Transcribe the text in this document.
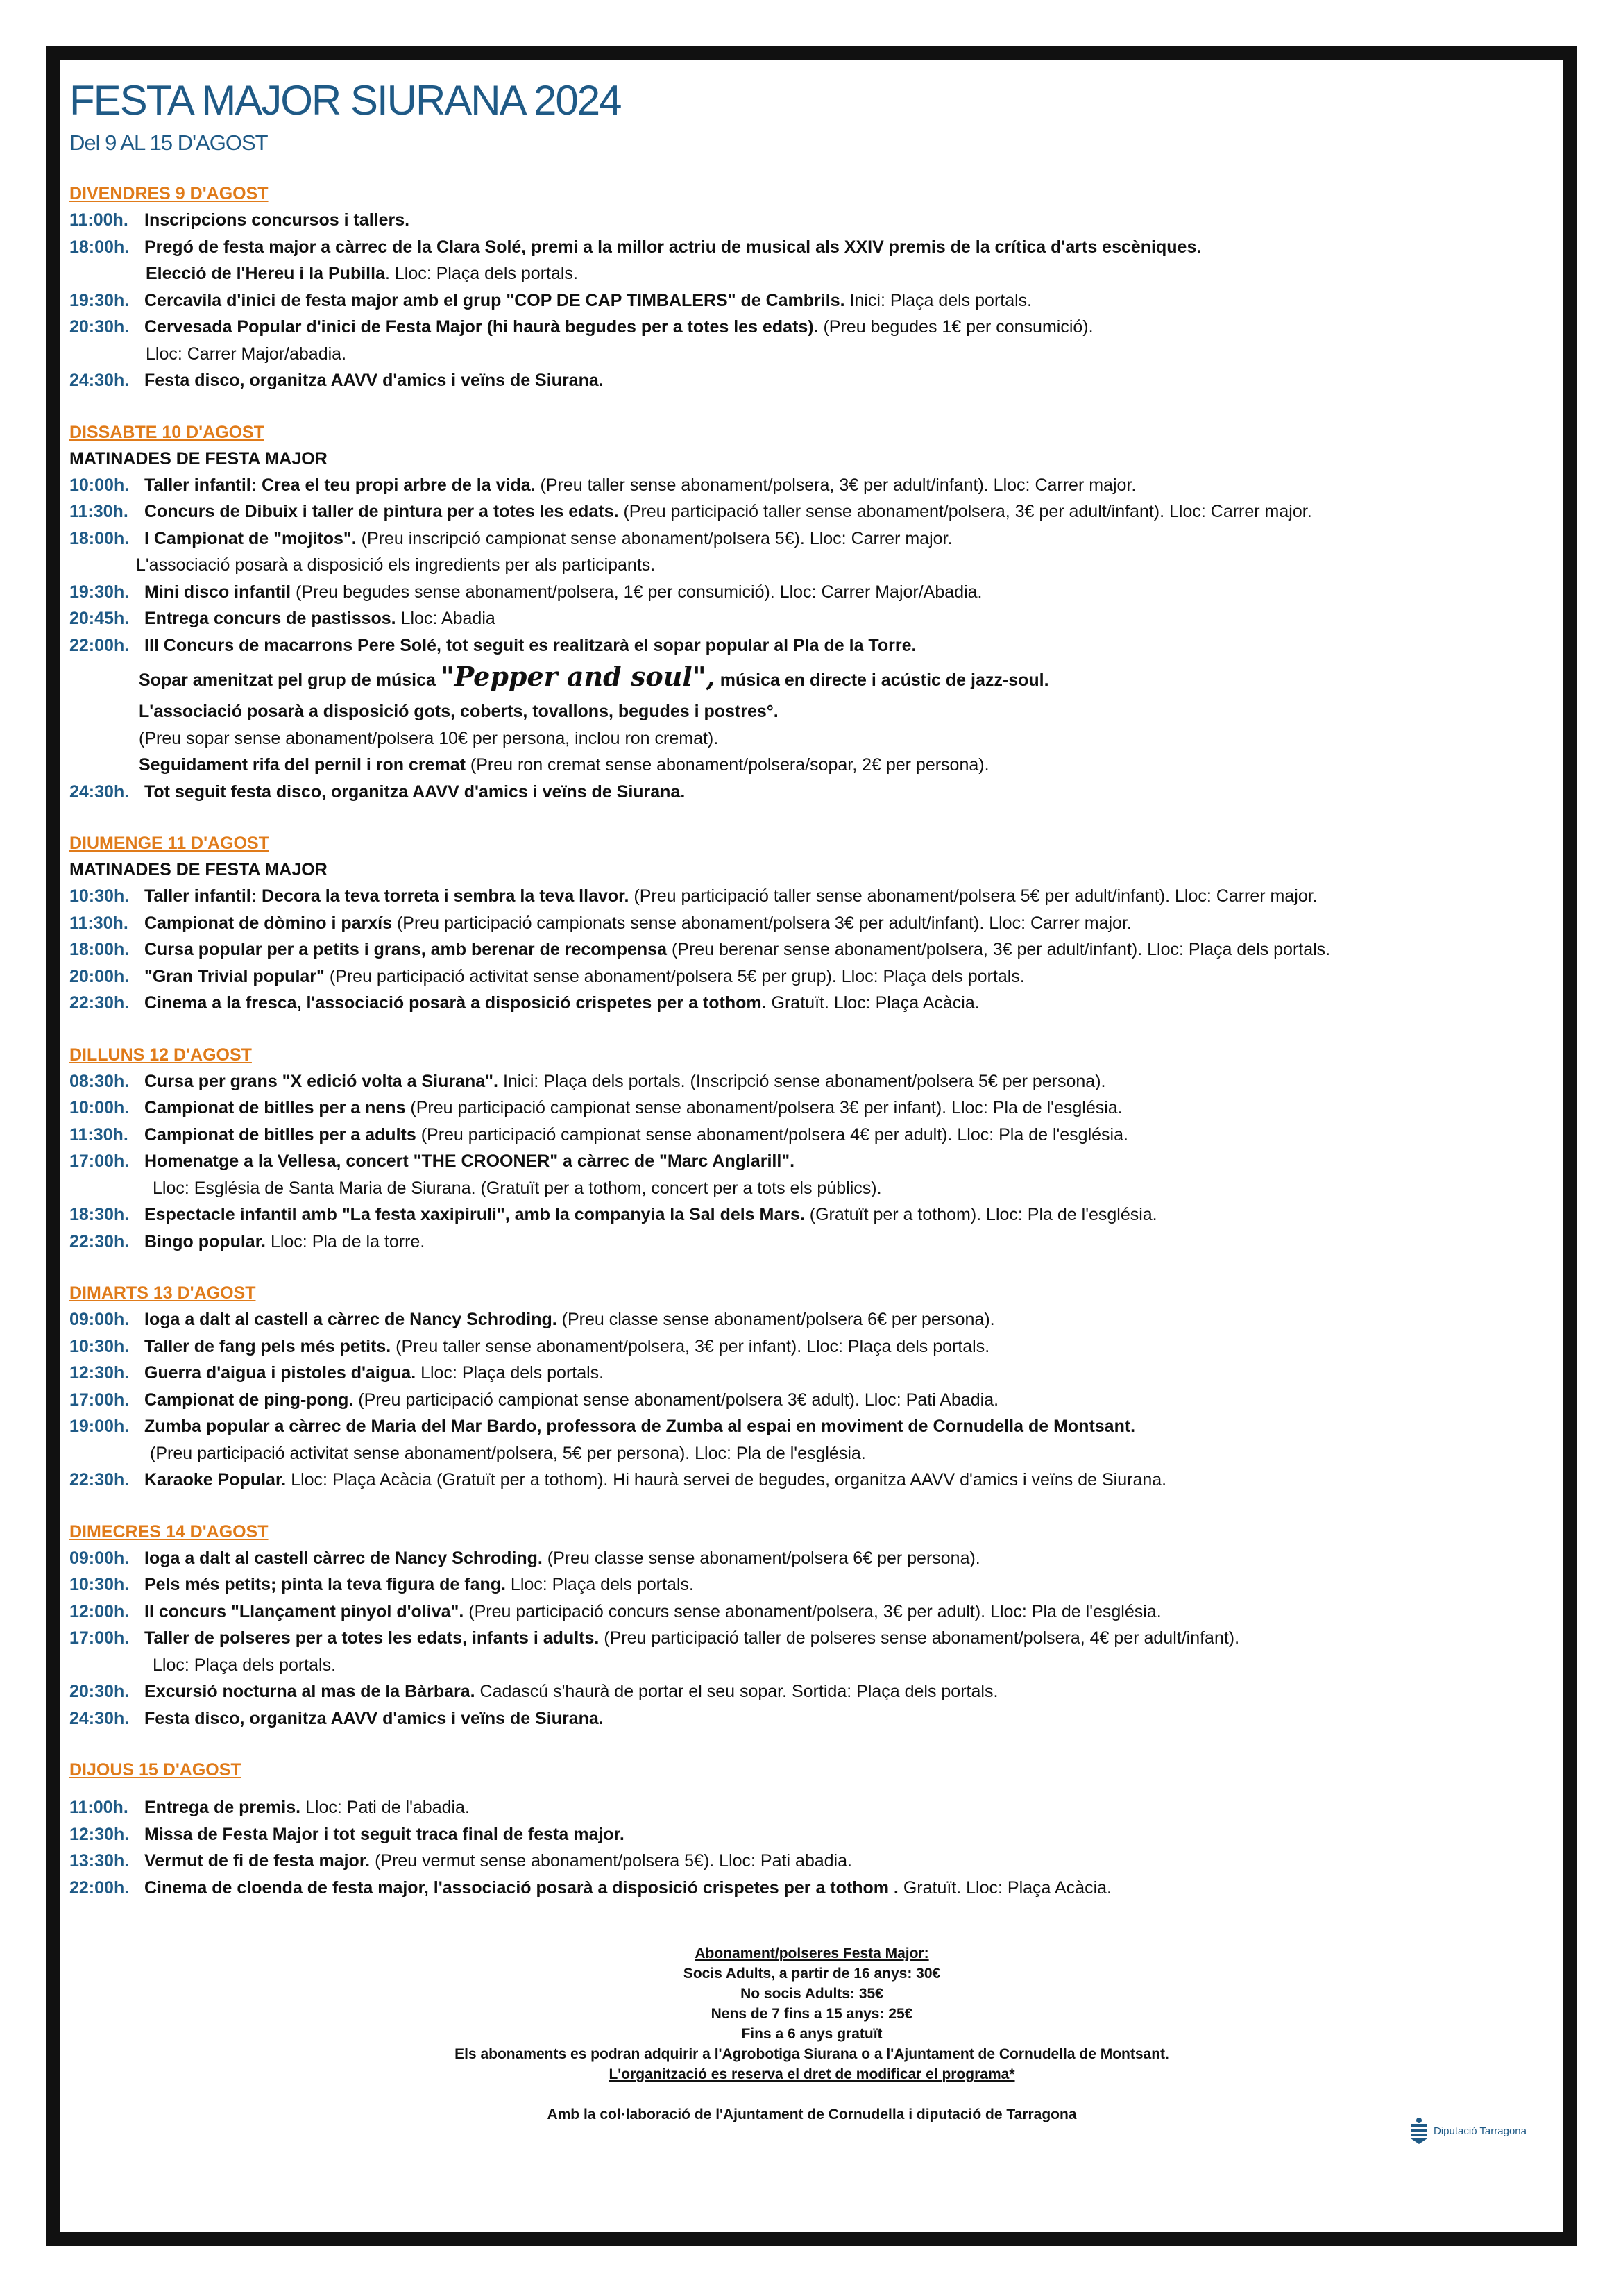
FESTA MAJOR SIURANA 2024
Del 9 AL 15 D'AGOST
DIVENDRES 9 D'AGOST
11:00h. Inscripcions concursos i tallers.
18:00h. Pregó de festa major a càrrec de la Clara Solé, premi a la millor actriu de musical als XXIV premis de la crítica d'arts escèniques.
Elecció de l'Hereu i la Pubilla. Lloc: Plaça dels portals.
19:30h. Cercavila d'inici de festa major amb el grup "COP DE CAP TIMBALERS" de Cambrils. Inici: Plaça dels portals.
20:30h. Cervesada Popular d'inici de Festa Major (hi haurà begudes per a totes les edats). (Preu begudes 1€ per consumició).
Lloc: Carrer Major/abadia.
24:30h. Festa disco, organitza AAVV d'amics i veïns de Siurana.
DISSABTE 10 D'AGOST
MATINADES DE FESTA MAJOR
10:00h. Taller infantil: Crea el teu propi arbre de la vida. (Preu taller sense abonament/polsera, 3€ per adult/infant). Lloc: Carrer major.
11:30h. Concurs de Dibuix i taller de pintura per a totes les edats. (Preu participació taller sense abonament/polsera, 3€ per adult/infant). Lloc: Carrer major.
18:00h. I Campionat de "mojitos". (Preu inscripció campionat sense abonament/polsera 5€). Lloc: Carrer major.
L'associació posarà a disposició els ingredients per als participants.
19:30h. Mini disco infantil (Preu begudes sense abonament/polsera, 1€ per consumició). Lloc: Carrer Major/Abadia.
20:45h. Entrega concurs de pastissos. Lloc: Abadia
22:00h. III Concurs de macarrons Pere Solé, tot seguit es realitzarà el sopar popular al Pla de la Torre.
Sopar amenitzat pel grup de música "Pepper and soul", música en directe i acústic de jazz-soul.
L'associació posarà a disposició gots, coberts, tovallons, begudes i postres°.
(Preu sopar sense abonament/polsera 10€ per persona, inclou ron cremat).
Seguidament rifa del pernil i ron cremat (Preu ron cremat sense abonament/polsera/sopar, 2€ per persona).
24:30h. Tot seguit festa disco, organitza AAVV d'amics i veïns de Siurana.
DIUMENGE 11 D'AGOST
MATINADES DE FESTA MAJOR
10:30h. Taller infantil: Decora la teva torreta i sembra la teva llavor. (Preu participació taller sense abonament/polsera 5€ per adult/infant). Lloc: Carrer major.
11:30h. Campionat de dòmino i parxís (Preu participació campionats sense abonament/polsera 3€ per adult/infant). Lloc: Carrer major.
18:00h. Cursa popular per a petits i grans, amb berenar de recompensa (Preu berenar sense abonament/polsera, 3€ per adult/infant). Lloc: Plaça dels portals.
20:00h. "Gran Trivial popular" (Preu participació activitat sense abonament/polsera 5€ per grup). Lloc: Plaça dels portals.
22:30h. Cinema a la fresca, l'associació posarà a disposició crispetes per a tothom. Gratuït. Lloc: Plaça Acàcia.
DILLUNS 12 D'AGOST
08:30h. Cursa per grans "X edició volta a Siurana". Inici: Plaça dels portals. (Inscripció sense abonament/polsera 5€ per persona).
10:00h. Campionat de bitlles per a nens (Preu participació campionat sense abonament/polsera 3€ per infant). Lloc: Pla de l'església.
11:30h. Campionat de bitlles per a adults (Preu participació campionat sense abonament/polsera 4€ per adult). Lloc: Pla de l'església.
17:00h. Homenatge a la Vellesa, concert "THE CROONER" a càrrec de "Marc Anglarill".
Lloc: Església de Santa Maria de Siurana. (Gratuït per a tothom, concert per a tots els públics).
18:30h. Espectacle infantil amb "La festa xaxipiruli", amb la companyia la Sal dels Mars. (Gratuït per a tothom). Lloc: Pla de l'església.
22:30h. Bingo popular. Lloc: Pla de la torre.
DIMARTS 13 D'AGOST
09:00h. Ioga a dalt al castell a càrrec de Nancy Schroding. (Preu classe sense abonament/polsera 6€ per persona).
10:30h. Taller de fang pels més petits. (Preu taller sense abonament/polsera, 3€ per infant). Lloc: Plaça dels portals.
12:30h. Guerra d'aigua i pistoles d'aigua. Lloc: Plaça dels portals.
17:00h. Campionat de ping-pong. (Preu participació campionat sense abonament/polsera 3€ adult). Lloc: Pati Abadia.
19:00h. Zumba popular a càrrec de Maria del Mar Bardo, professora de Zumba al espai en moviment de Cornudella de Montsant.
(Preu participació activitat sense abonament/polsera, 5€ per persona). Lloc: Pla de l'església.
22:30h. Karaoke Popular. Lloc: Plaça Acàcia (Gratuït per a tothom). Hi haurà servei de begudes, organitza AAVV d'amics i veïns de Siurana.
DIMECRES 14 D'AGOST
09:00h. Ioga a dalt al castell càrrec de Nancy Schroding. (Preu classe sense abonament/polsera 6€ per persona).
10:30h. Pels més petits; pinta la teva figura de fang. Lloc: Plaça dels portals.
12:00h. II concurs "Llançament pinyol d'oliva". (Preu participació concurs sense abonament/polsera, 3€ per adult). Lloc: Pla de l'església.
17:00h. Taller de polseres per a totes les edats, infants i adults. (Preu participació taller de polseres sense abonament/polsera, 4€ per adult/infant).
Lloc: Plaça dels portals.
20:30h. Excursió nocturna al mas de la Bàrbara. Cadascú s'haurà de portar el seu sopar. Sortida: Plaça dels portals.
24:30h. Festa disco, organitza AAVV d'amics i veïns de Siurana.
DIJOUS 15 D'AGOST
11:00h. Entrega de premis. Lloc: Pati de l'abadia.
12:30h. Missa de Festa Major i tot seguit traca final de festa major.
13:30h. Vermut de fi de festa major. (Preu vermut sense abonament/polsera 5€). Lloc: Pati abadia.
22:00h. Cinema de cloenda de festa major, l'associació posarà a disposició crispetes per a tothom . Gratuït. Lloc: Plaça Acàcia.
Abonament/polseres Festa Major:
Socis Adults, a partir de 16 anys: 30€
No socis Adults: 35€
Nens de 7 fins a 15 anys: 25€
Fins a 6 anys gratuït
Els abonaments es podran adquirir a l'Agrobotiga Siurana o a l'Ajuntament de Cornudella de Montsant.
L'organització es reserva el dret de modificar el programa*
Amb la col·laboració de l'Ajuntament de Cornudella i diputació de Tarragona
Diputació Tarragona
